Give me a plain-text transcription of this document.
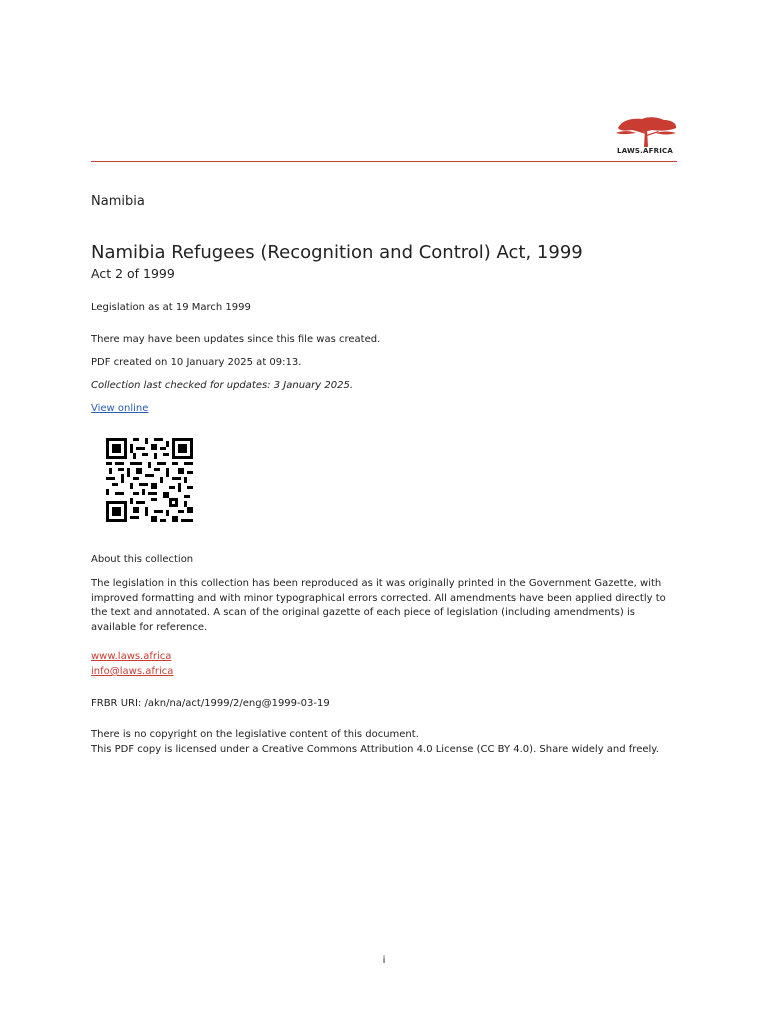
LAWS.AFRICA
Namibia
Namibia Refugees (Recognition and Control) Act, 1999
Act 2 of 1999
Legislation as at 19 March 1999
There may have been updates since this file was created.
PDF created on 10 January 2025 at 09:13.
Collection last checked for updates: 3 January 2025.
View online
About this collection
The legislation in this collection has been reproduced as it was originally printed in the Government Gazette, with improved formatting and with minor typographical errors corrected. All amendments have been applied directly to the text and annotated. A scan of the original gazette of each piece of legislation (including amendments) is available for reference.
www.laws.africa
info@laws.africa
FRBR URI: /akn/na/act/1999/2/eng@1999-03-19
There is no copyright on the legislative content of this document.
This PDF copy is licensed under a Creative Commons Attribution 4.0 License (CC BY 4.0). Share widely and freely.
i
